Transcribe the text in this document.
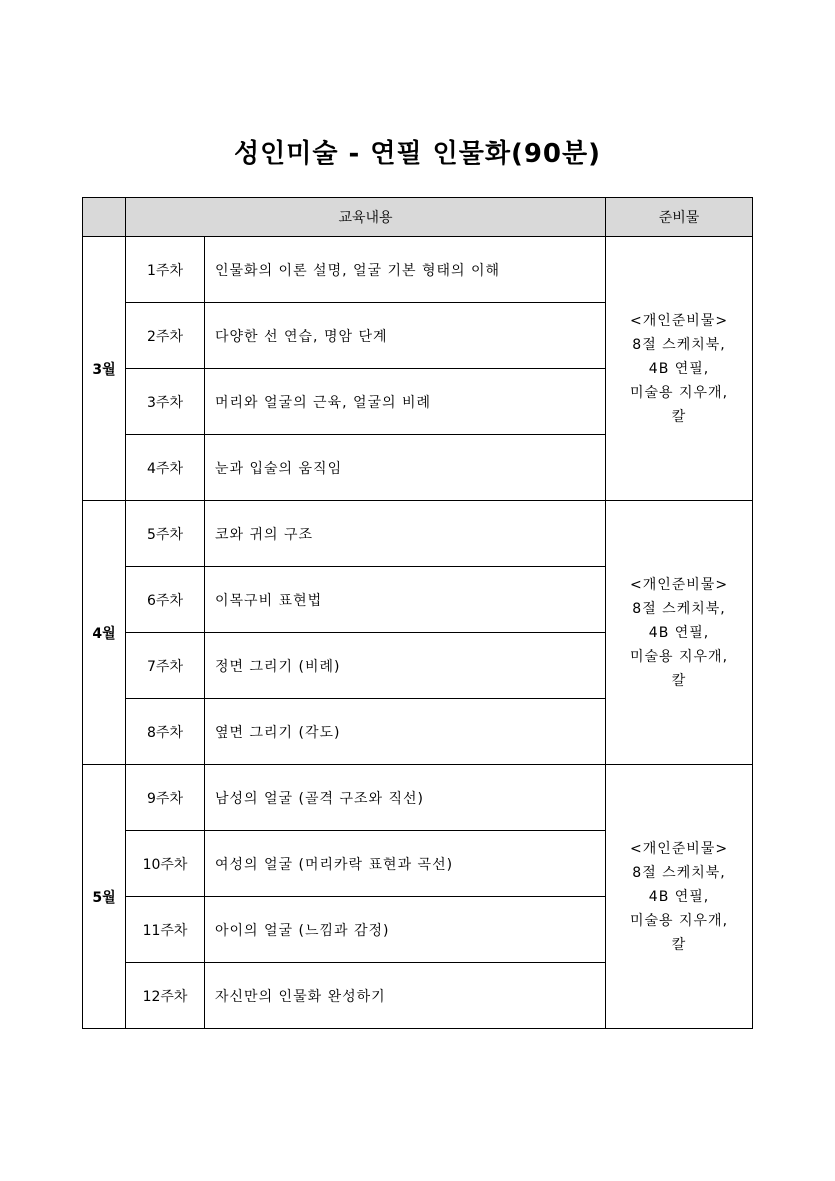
성인미술 - 연필 인물화(90분)
	교육내용		준비물
3월	1주차	인물화의 이론 설명, 얼굴 기본 형태의 이해	<개인준비물>
8절 스케치북,
4B 연필,
미술용 지우개,
칼

	2주차	다양한 선 연습, 명암 단계	
	3주차	머리와 얼굴의 근육, 얼굴의 비례	
	4주차	눈과 입술의 움직임	
4월	5주차	코와 귀의 구조	<개인준비물>
8절 스케치북,
4B 연필,
미술용 지우개,
칼

	6주차	이목구비 표현법	
	7주차	정면 그리기 (비례)	
	8주차	옆면 그리기 (각도)	
5월	9주차	남성의 얼굴 (골격 구조와 직선)	<개인준비물>
8절 스케치북,
4B 연필,
미술용 지우개,
칼

	10주차	여성의 얼굴 (머리카락 표현과 곡선)	
	11주차	아이의 얼굴 (느낌과 감정)	
	12주차	자신만의 인물화 완성하기	
